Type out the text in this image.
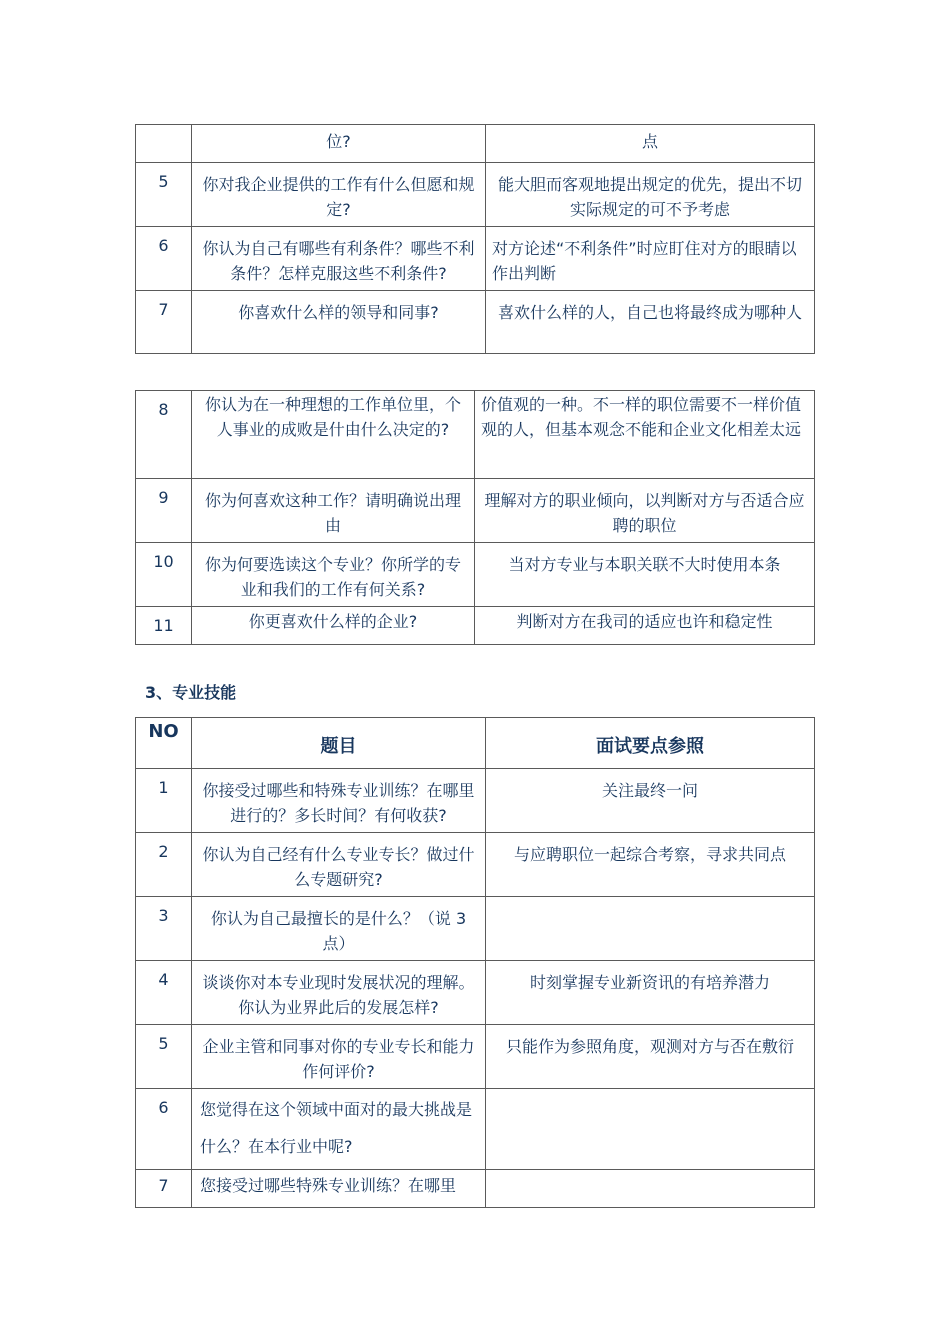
	位?	点

5	你对我企业提供的工作有什么但愿和规定?	能大胆而客观地提出规定的优先，提出不切实际规定的可不予考虑

6	你认为自己有哪些有利条件？哪些不利条件？怎样克服这些不利条件?	对方论述“不利条件”时应盯住对方的眼睛以作出判断

7	你喜欢什么样的领导和同事?	喜欢什么样的人，自己也将最终成为哪种人
8	你认为在一种理想的工作单位里，个人事业的成败是什由什么决定的?	价值观的一种。不一样的职位需要不一样价值观的人，但基本观念不能和企业文化相差太远

9	你为何喜欢这种工作？请明确说出理由	理解对方的职业倾向，以判断对方与否适合应聘的职位

10	你为何要选读这个专业？你所学的专业和我们的工作有何关系?	当对方专业与本职关联不大时使用本条

11	你更喜欢什么样的企业?	判断对方在我司的适应也许和稳定性
3、专业技能
NO	题目	面试要点参照

1	你接受过哪些和特殊专业训练？在哪里进行的？多长时间？有何收获?	关注最终一问

2	你认为自己经有什么专业专长？做过什么专题研究?	与应聘职位一起综合考察，寻求共同点

3	你认为自己最擅长的是什么？（说 3 点）	

4	谈谈你对本专业现时发展状况的理解。你认为业界此后的发展怎样?	时刻掌握专业新资讯的有培养潜力

5	企业主管和同事对你的专业专长和能力作何评价?	只能作为参照角度，观测对方与否在敷衍

6	您觉得在这个领域中面对的最大挑战是什么？在本行业中呢?	

7	您接受过哪些特殊专业训练？在哪里	
